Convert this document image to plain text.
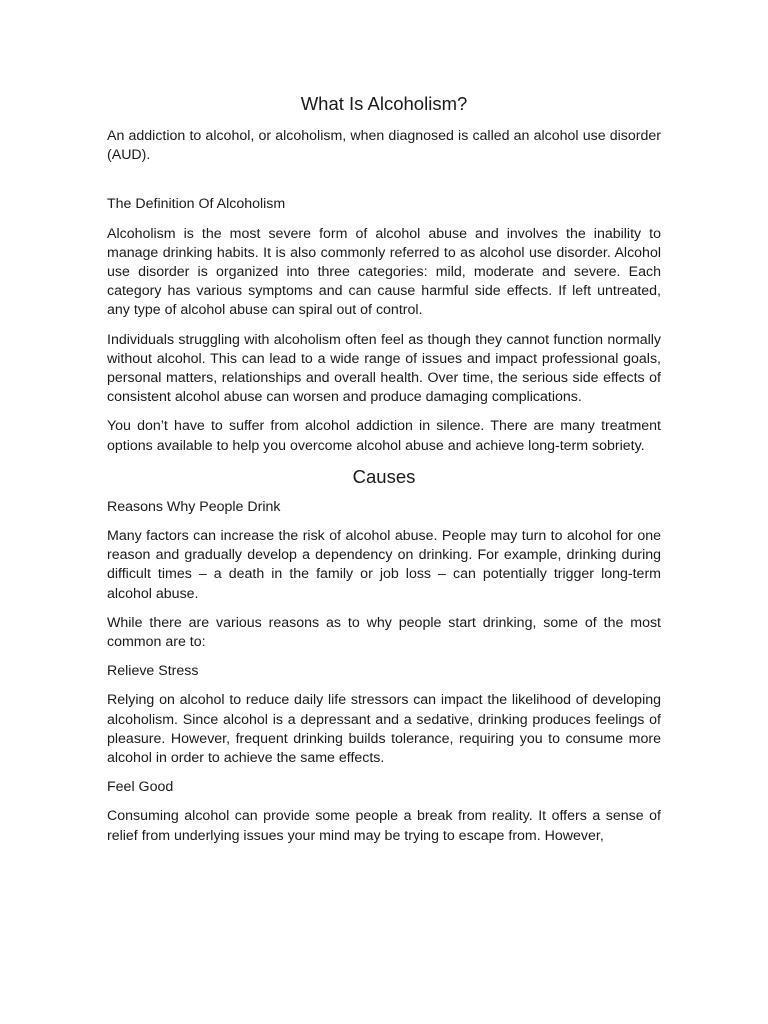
What Is Alcoholism?

An addiction to alcohol, or alcoholism, when diagnosed is called an alcohol use disorder (AUD).

The Definition Of Alcoholism

Alcoholism is the most severe form of alcohol abuse and involves the inability to manage drinking habits. It is also commonly referred to as alcohol use disorder. Alcohol use disorder is organized into three categories: mild, moderate and severe. Each category has various symptoms and can cause harmful side effects. If left untreated, any type of alcohol abuse can spiral out of control.

Individuals struggling with alcoholism often feel as though they cannot function normally without alcohol. This can lead to a wide range of issues and impact professional goals, personal matters, relationships and overall health. Over time, the serious side effects of consistent alcohol abuse can worsen and produce damaging complications.

You don’t have to suffer from alcohol addiction in silence. There are many treatment options available to help you overcome alcohol abuse and achieve long-term sobriety.

Causes
Reasons Why People Drink

Many factors can increase the risk of alcohol abuse. People may turn to alcohol for one reason and gradually develop a dependency on drinking. For example, drinking during difficult times – a death in the family or job loss – can potentially trigger long-term alcohol abuse.

While there are various reasons as to why people start drinking, some of the most common are to:

Relieve Stress

Relying on alcohol to reduce daily life stressors can impact the likelihood of developing alcoholism. Since alcohol is a depressant and a sedative, drinking produces feelings of pleasure. However, frequent drinking builds tolerance, requiring you to consume more alcohol in order to achieve the same effects.

Feel Good

Consuming alcohol can provide some people a break from reality. It offers a sense of relief from underlying issues your mind may be trying to escape from. However,
